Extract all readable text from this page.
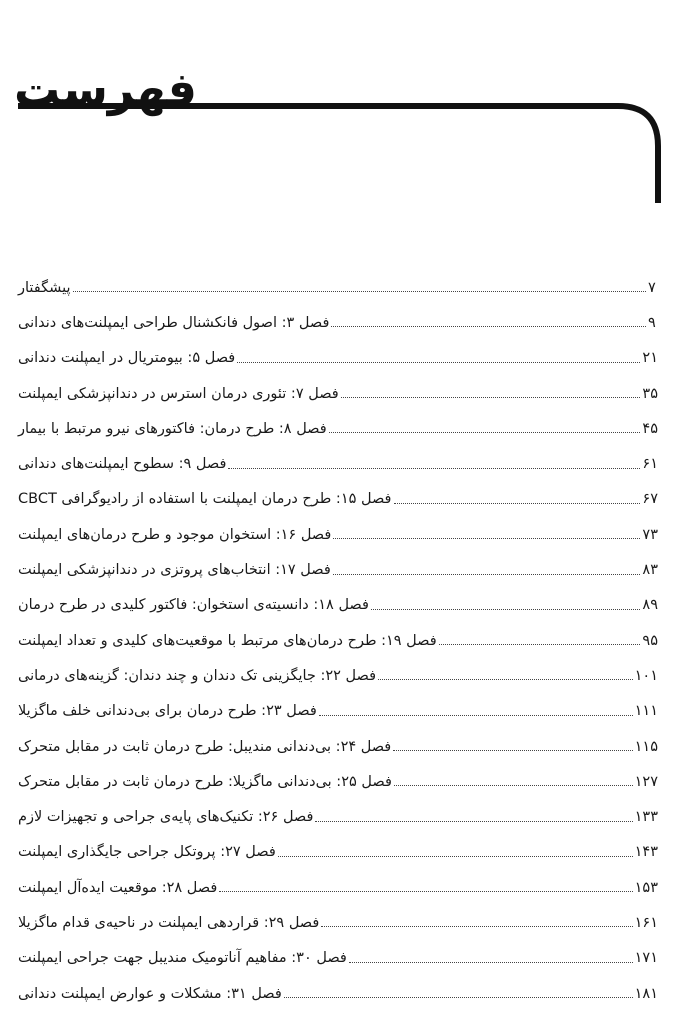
فهرست
پیشگفتار	۷
فصل ۳: اصول فانکشنال طراحی ایمپلنت‌های دندانی	۹
فصل ۵: بیومتریال در ایمپلنت دندانی	۲۱
فصل ۷: تئوری درمان استرس در دندانپزشکی ایمپلنت	۳۵
فصل ۸: طرح درمان: فاکتورهای نیرو مرتبط با بیمار	۴۵
فصل ۹: سطوح ایمپلنت‌های دندانی	۶۱
فصل ۱۵: طرح درمان ایمپلنت با استفاده از رادیوگرافی CBCT	۶۷
فصل ۱۶: استخوان موجود و طرح درمان‌های ایمپلنت	۷۳
فصل ۱۷: انتخاب‌های پروتزی در دندانپزشکی ایمپلنت	۸۳
فصل ۱۸: دانسیته‌ی استخوان: فاکتور کلیدی در طرح درمان	۸۹
فصل ۱۹: طرح درمان‌های مرتبط با موقعیت‌های کلیدی و تعداد ایمپلنت	۹۵
فصل ۲۲: جایگزینی تک دندان و چند دندان: گزینه‌های درمانی	۱۰۱
فصل ۲۳: طرح درمان برای بی‌دندانی خلف ماگزیلا	۱۱۱
فصل ۲۴: بی‌دندانی مندیبل: طرح درمان ثابت در مقابل متحرک	۱۱۵
فصل ۲۵: بی‌دندانی ماگزیلا: طرح درمان ثابت در مقابل متحرک	۱۲۷
فصل ۲۶: تکنیک‌های پایه‌ی جراحی و تجهیزات لازم	۱۳۳
فصل ۲۷: پروتکل جراحی جایگذاری ایمپلنت	۱۴۳
فصل ۲۸: موقعیت ایده‌آل ایمپلنت	۱۵۳
فصل ۲۹: قراردهی ایمپلنت در ناحیه‌ی قدام ماگزیلا	۱۶۱
فصل ۳۰: مفاهیم آناتومیک مندیبل جهت جراحی ایمپلنت	۱۷۱
فصل ۳۱: مشکلات و عوارض ایمپلنت دندانی	۱۸۱
